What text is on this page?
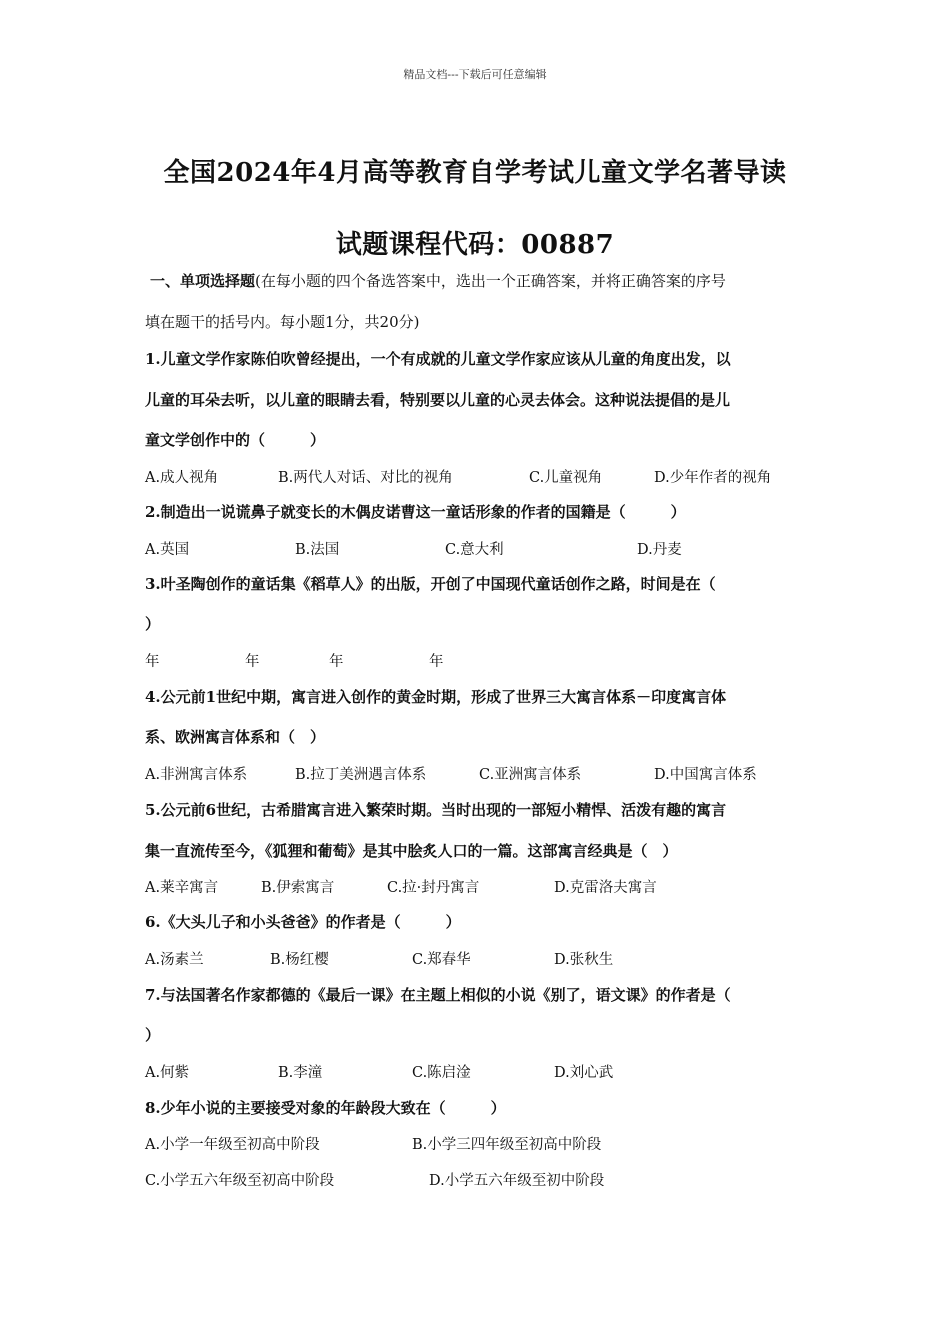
精品文档---下载后可任意编辑
全国2024年4月高等教育自学考试儿童文学名著导读
试题课程代码：00887
一、单项选择题(在每小题的四个备选答案中，选出一个正确答案，并将正确答案的序号
填在题干的括号内。每小题1分，共20分)
1.儿童文学作家陈伯吹曾经提出，一个有成就的儿童文学作家应该从儿童的角度出发，以
儿童的耳朵去听，以儿童的眼睛去看，特别要以儿童的心灵去体会。这种说法提倡的是儿
童文学创作中的（　　　）
A.成人视角	B.两代人对话、对比的视角	C.儿童视角	D.少年作者的视角
2.制造出一说谎鼻子就变长的木偶皮诺曹这一童话形象的作者的国籍是（　　　）
A.英国	B.法国	C.意大利	D.丹麦
3.叶圣陶创作的童话集《稻草人》的出版，开创了中国现代童话创作之路，时间是在（
）
年	年	年	年
4.公元前1世纪中期，寓言进入创作的黄金时期，形成了世界三大寓言体系－印度寓言体
系、欧洲寓言体系和（　）
A.非洲寓言体系	B.拉丁美洲遇言体系	C.亚洲寓言体系	D.中国寓言体系
5.公元前6世纪，古希腊寓言进入繁荣时期。当时出现的一部短小精悍、活泼有趣的寓言
集一直流传至今，《狐狸和葡萄》是其中脍炙人口的一篇。这部寓言经典是（　）
A.莱辛寓言	B.伊索寓言	C.拉·封丹寓言	D.克雷洛夫寓言
6.《大头儿子和小头爸爸》的作者是（　　　）
A.汤素兰	B.杨红樱	C.郑春华	D.张秋生
7.与法国著名作家都德的《最后一课》在主题上相似的小说《别了，语文课》的作者是（
）
A.何紫	B.李潼	C.陈启淦	D.刘心武
8.少年小说的主要接受对象的年龄段大致在（　　　）
A.小学一年级至初高中阶段	B.小学三四年级至初高中阶段
C.小学五六年级至初高中阶段	D.小学五六年级至初中阶段
